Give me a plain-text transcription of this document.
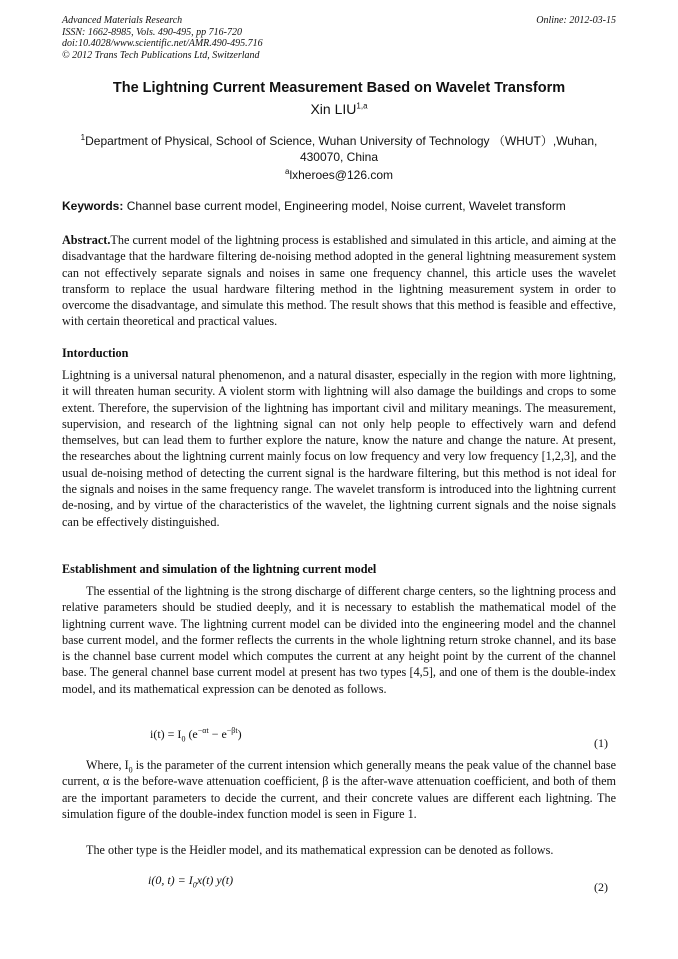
Advanced Materials Research
ISSN: 1662-8985, Vols. 490-495, pp 716-720
doi:10.4028/www.scientific.net/AMR.490-495.716
© 2012 Trans Tech Publications Ltd, Switzerland
Online: 2012-03-15
The Lightning Current Measurement Based on Wavelet Transform
Xin LIU$^{1,a}$
$^1$Department of Physical, School of Science, Wuhan University of Technology （WHUT）,Wuhan, 430070, China
$^a$lxheroes@126.com
Keywords: Channel base current model, Engineering model, Noise current, Wavelet transform

Abstract.The current model of the lightning process is established and simulated in this article, and aiming at the disadvantage that the hardware filtering de-noising method adopted in the general lightning measurement system can not effectively separate signals and noises in same one frequency channel, this article uses the wavelet transform to replace the usual hardware filtering method in the lightning measurement system in order to overcome the disadvantage, and simulate this method. The result shows that this method is feasible and effective, with certain theoretical and practical values.

Intorduction

Lightning is a universal natural phenomenon, and a natural disaster, especially in the region with more lightning, it will threaten human security. A violent storm with lightning will also damage the buildings and crops to some extent. Therefore, the supervision of the lightning has important civil and military meanings. The measurement, supervision, and research of the lightning signal can not only help people to effectively warn and defend themselves, but can lead them to further explore the nature, know the nature and change the nature. At present, the researches about the lightning current mainly focus on low frequency and very low frequency [1,2,3], and the usual de-noising method of detecting the current signal is the hardware filtering, but this method is not ideal for the signals and noises in the same frequency range. The wavelet transform is introduced into the lightning current de-nosing, and by virtue of the characteristics of the wavelet, the lightning current signals and the noise signals can be effectively distinguished.

Establishment and simulation of the lightning current model

The essential of the lightning is the strong discharge of different charge centers, so the lightning process and relative parameters should be studied deeply, and it is necessary to establish the mathematical model of the lightning current wave. The lightning current model can be divided into the engineering model and the channel base current model, and the former reflects the currents in the whole lightning return stroke channel, and its base is the channel base current model which computes the current at any height point by the current of the channel base. The general channel base current model at present has two types [4,5], and one of them is the double-index model, and its mathematical expression can be denoted as follows.

$i(t) = I_0$ $(e^{-\alpha t} - e^{-\beta t})$
(1)

Where, $I_0$ is the parameter of the current intension which generally means the peak value of the channel base current, α is the before-wave attenuation coefficient, β is the after-wave attenuation coefficient, and both of them are the important parameters to decide the current, and their concrete values are different each lightning. The simulation figure of the double-index function model is seen in Figure 1.

The other type is the Heidler model, and its mathematical expression can be denoted as follows.

i(0, $t) = I_0x(t)$ y(t)	(2)
